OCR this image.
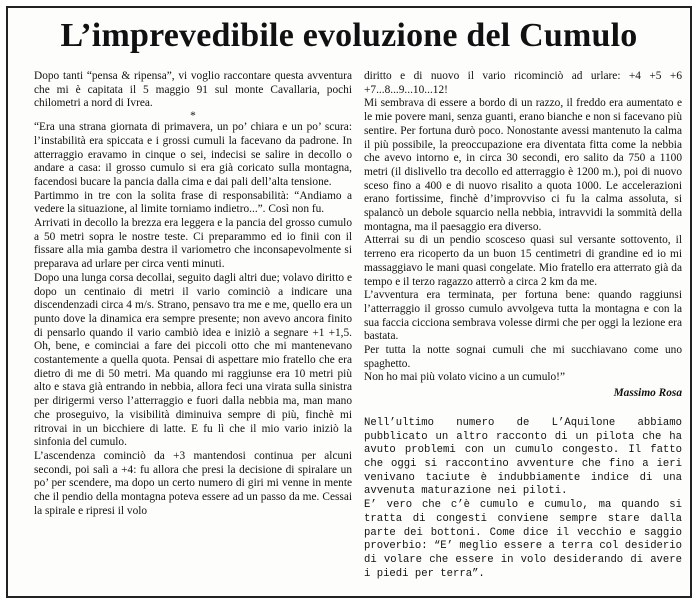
L’imprevedibile evoluzione del Cumulo

Dopo tanti “pensa & ripensa”, vi voglio raccontare questa avventura che mi è capitata il 5 maggio 91 sul monte Cavallaria, pochi chilometri a nord di Ivrea.

*

“Era una strana giornata di primavera, un po’ chiara e un po’ scura: l’instabilità era spiccata e i grossi cumuli la facevano da padrone. In atterraggio eravamo in cinque o sei, indecisi se salire in decollo o andare a casa: il grosso cumulo si era già coricato sulla montagna, facendosi bucare la pancia dalla cima e dai pali dell’alta tensione.

Partimmo in tre con la solita frase di responsabilità: “Andiamo a vedere la situazione, al limite torniamo indietro...”. Così non fu.

Arrivati in decollo la brezza era leggera e la pancia del grosso cumulo a 50 metri sopra le nostre teste. Ci preparammo ed io finii con il fissare alla mia gamba destra il variometro che inconsapevolmente si preparava ad urlare per circa venti minuti.

Dopo una lunga corsa decollai, seguito dagli altri due; volavo diritto e dopo un centinaio di metri il vario cominciò a indicare una discendenzadi circa 4 m/s. Strano, pensavo tra me e me, quello era un punto dove la dinamica era sempre presente; non avevo ancora finito di pensarlo quando il vario cambiò idea e iniziò a segnare +1 +1,5. Oh, bene, e cominciai a fare dei piccoli otto che mi mantenevano costantemente a quella quota. Pensai di aspettare mio fratello che era dietro di me di 50 metri. Ma quando mi raggiunse era 10 metri più alto e stava già entrando in nebbia, allora feci una virata sulla sinistra per dirigermi verso l’atterraggio e fuori dalla nebbia ma, man mano che proseguivo, la visibilità diminuiva sempre di più, finchè mi ritrovai in un bicchiere di latte. E fu lì che il mio vario iniziò la sinfonia del cumulo.

L’ascendenza cominciò da +3 mantendosi continua per alcuni secondi, poi salì a +4: fu allora che presi la decisione di spiralare un po’ per scendere, ma dopo un certo numero di giri mi venne in mente che il pendio della montagna poteva essere ad un passo da me. Cessai la spirale e ripresi il volo

diritto e di nuovo il vario ricominciò ad urlare: +4 +5 +6 +7...8...9...10...12!

Mi sembrava di essere a bordo di un razzo, il freddo era aumentato e le mie povere mani, senza guanti, erano bianche e non si facevano più sentire. Per fortuna durò poco. Nonostante avessi mantenuto la calma il più possibile, la preoccupazione era diventata fitta come la nebbia che avevo intorno e, in circa 30 secondi, ero salito da 750 a 1100 metri (il dislivello tra decollo ed atterraggio è 1200 m.), poi di nuovo sceso fino a 400 e di nuovo risalito a quota 1000. Le accelerazioni erano fortissime, finchè d’improvviso ci fu la calma assoluta, si spalancò un debole squarcio nella nebbia, intravvidi la sommità della montagna, ma il paesaggio era diverso.

Atterrai su di un pendio scosceso quasi sul versante sottovento, il terreno era ricoperto da un buon 15 centimetri di grandine ed io mi massaggiavo le mani quasi congelate. Mio fratello era atterrato già da tempo e il terzo ragazzo atterrò a circa 2 km da me.

L’avventura era terminata, per fortuna bene: quando raggiunsi l’atterraggio il grosso cumulo avvolgeva tutta la montagna e con la sua faccia cicciona sembrava volesse dirmi che per oggi la lezione era bastata.

Per tutta la notte sognai cumuli che mi succhiavano come uno spaghetto.

Non ho mai più volato vicino a un cumulo!”

Massimo Rosa

Nell’ultimo numero de L’Aquilone abbiamo pubblicato un altro racconto di un pilota che ha avuto problemi con un cumulo congesto. Il fatto che oggi si raccontino avventure che fino a ieri venivano taciute è indubbiamente indice di una avvenuta maturazione nei piloti.

E’ vero che c’è cumulo e cumulo, ma quando si tratta di congesti conviene sempre stare dalla parte dei bottoni. Come dice il vecchio e saggio proverbio: “E’ meglio essere a terra col desiderio di volare che essere in volo desiderando di avere i piedi per terra”.
